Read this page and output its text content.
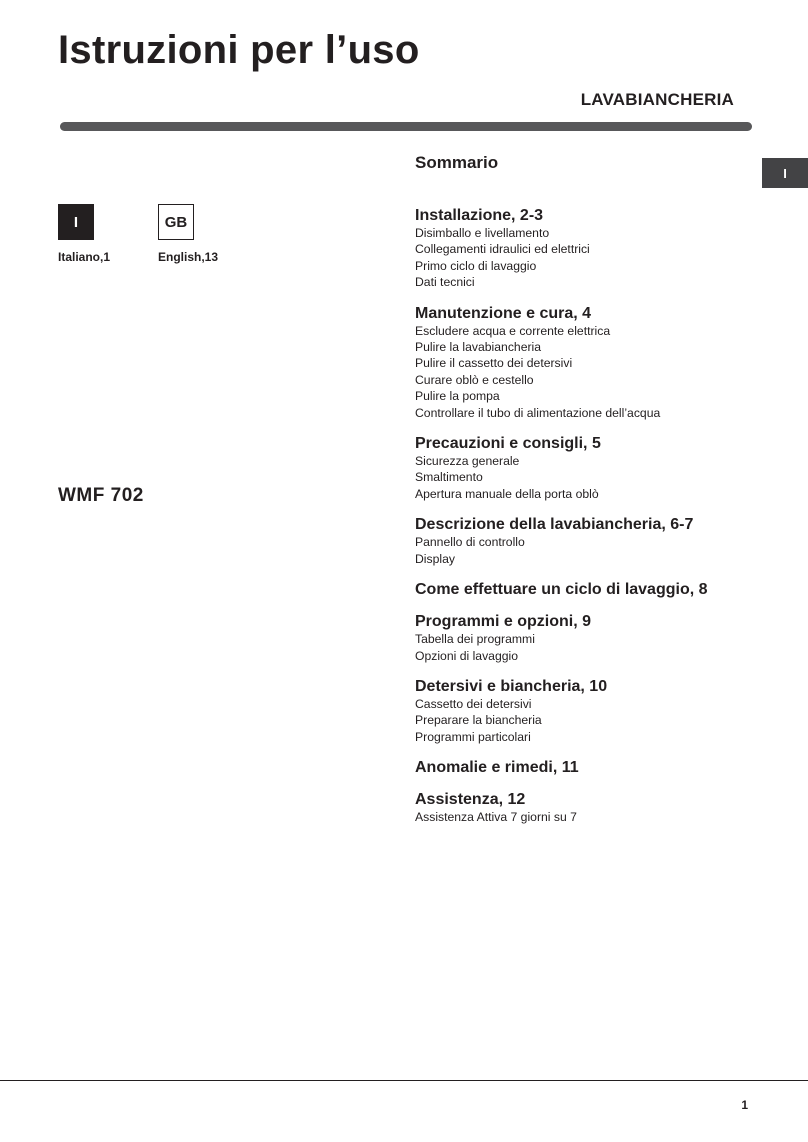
Istruzioni per l’uso
LAVABIANCHERIA
I
I
Italiano,1
GB
English,13
WMF 702
Sommario
Installazione, 2-3
Disimballo e livellamento
Collegamenti idraulici ed elettrici
Primo ciclo di lavaggio
Dati tecnici
Manutenzione e cura, 4
Escludere acqua e corrente elettrica
Pulire la lavabiancheria
Pulire il cassetto dei detersivi
Curare oblò e cestello
Pulire la pompa
Controllare il tubo di alimentazione dell’acqua
Precauzioni e consigli, 5
Sicurezza generale
Smaltimento
Apertura manuale della porta oblò
Descrizione della lavabiancheria, 6-7
Pannello di controllo
Display
Come effettuare un ciclo di lavaggio, 8
Programmi e opzioni, 9
Tabella dei programmi
Opzioni di lavaggio
Detersivi e biancheria, 10
Cassetto dei detersivi
Preparare la biancheria
Programmi particolari
Anomalie e rimedi, 11
Assistenza, 12
Assistenza Attiva 7 giorni su 7
1
